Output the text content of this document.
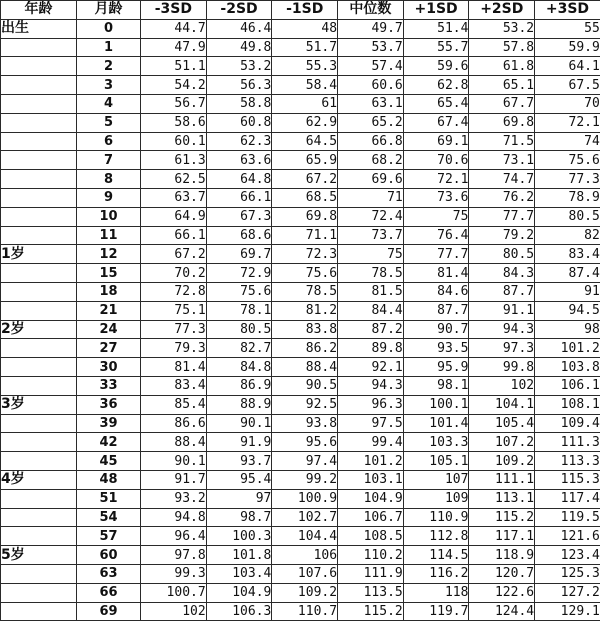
年龄	月龄	-3SD	-2SD	-1SD	中位数	+1SD	+2SD	+3SD
出生	0	44.7	46.4	48	49.7	51.4	53.2	55
	1	47.9	49.8	51.7	53.7	55.7	57.8	59.9
	2	51.1	53.2	55.3	57.4	59.6	61.8	64.1
	3	54.2	56.3	58.4	60.6	62.8	65.1	67.5
	4	56.7	58.8	61	63.1	65.4	67.7	70
	5	58.6	60.8	62.9	65.2	67.4	69.8	72.1
	6	60.1	62.3	64.5	66.8	69.1	71.5	74
	7	61.3	63.6	65.9	68.2	70.6	73.1	75.6
	8	62.5	64.8	67.2	69.6	72.1	74.7	77.3
	9	63.7	66.1	68.5	71	73.6	76.2	78.9
	10	64.9	67.3	69.8	72.4	75	77.7	80.5
	11	66.1	68.6	71.1	73.7	76.4	79.2	82
1岁	12	67.2	69.7	72.3	75	77.7	80.5	83.4
	15	70.2	72.9	75.6	78.5	81.4	84.3	87.4
	18	72.8	75.6	78.5	81.5	84.6	87.7	91
	21	75.1	78.1	81.2	84.4	87.7	91.1	94.5
2岁	24	77.3	80.5	83.8	87.2	90.7	94.3	98
	27	79.3	82.7	86.2	89.8	93.5	97.3	101.2
	30	81.4	84.8	88.4	92.1	95.9	99.8	103.8
	33	83.4	86.9	90.5	94.3	98.1	102	106.1
3岁	36	85.4	88.9	92.5	96.3	100.1	104.1	108.1
	39	86.6	90.1	93.8	97.5	101.4	105.4	109.4
	42	88.4	91.9	95.6	99.4	103.3	107.2	111.3
	45	90.1	93.7	97.4	101.2	105.1	109.2	113.3
4岁	48	91.7	95.4	99.2	103.1	107	111.1	115.3
	51	93.2	97	100.9	104.9	109	113.1	117.4
	54	94.8	98.7	102.7	106.7	110.9	115.2	119.5
	57	96.4	100.3	104.4	108.5	112.8	117.1	121.6
5岁	60	97.8	101.8	106	110.2	114.5	118.9	123.4
	63	99.3	103.4	107.6	111.9	116.2	120.7	125.3
	66	100.7	104.9	109.2	113.5	118	122.6	127.2
	69	102	106.3	110.7	115.2	119.7	124.4	129.1
